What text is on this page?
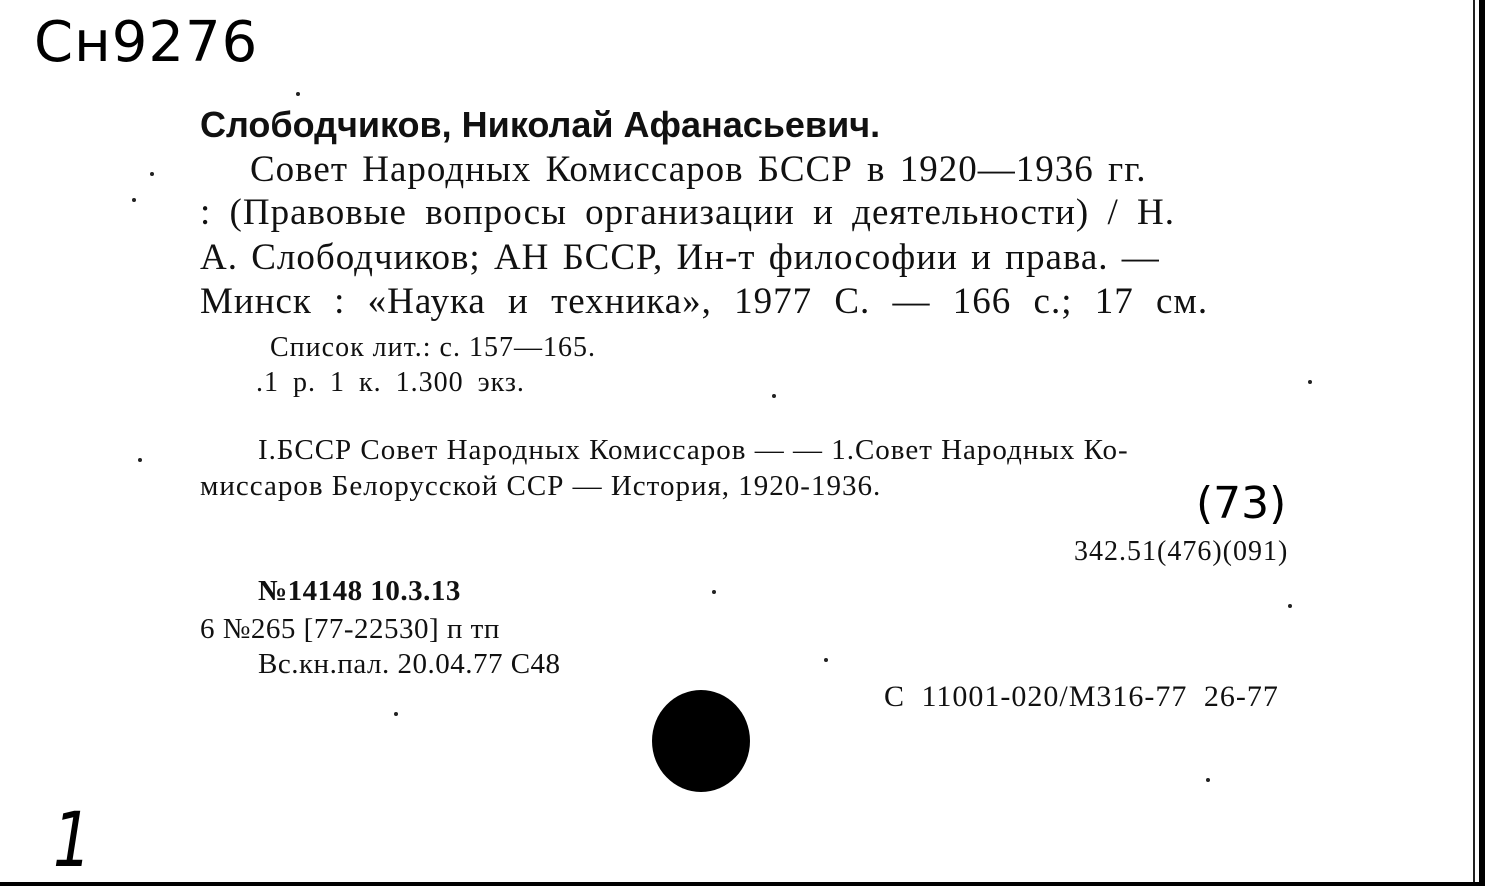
Сн9276
Слободчиков, Николай Афанасьевич.
Совет Народных Комиссаров БССР в 1920—1936 гг.
: (Правовые вопросы организации и деятельности) / Н.
А. Слободчиков; АН БССР, Ин-т философии и права. —
Минск : «Наука и техника», 1977 С. — 166 с.; 17 см.
Список лит.: с. 157—165.
.1 р. 1 к. 1.300 экз.
I.БССР Совет Народных Комиссаров — — 1.Совет Народных Ко-
миссаров Белорусской ССР — История, 1920-1936.	(73)
342.51(476)(091)
№14148 10.3.13
6 №265 [77-22530] п тп
Вс.кн.пал. 20.04.77 С48
С 11001-020/М316-77 26-77
1
